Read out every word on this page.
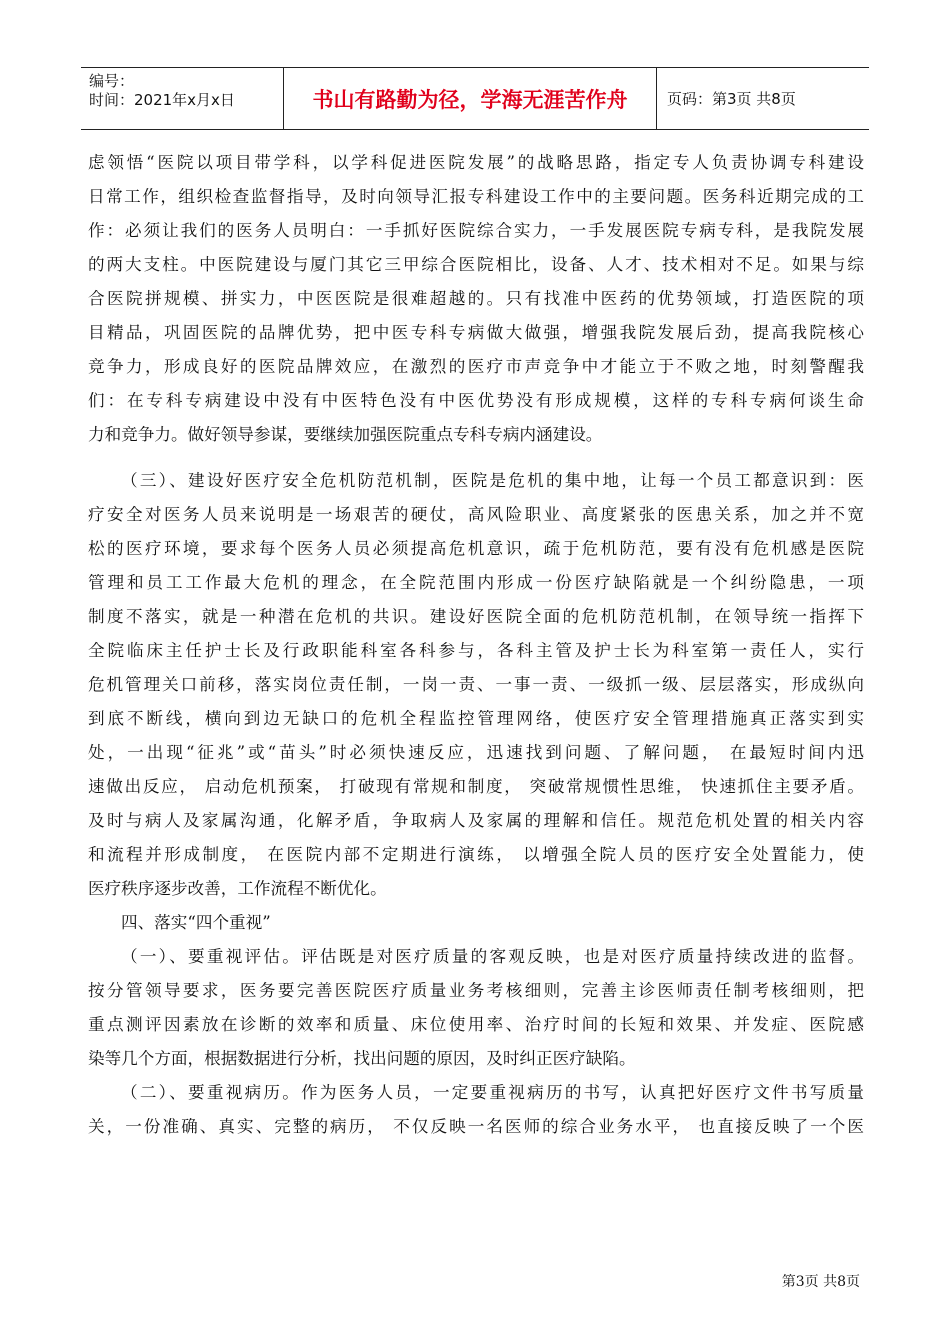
编号：
时间：2021年x月x日	书山有路勤为径，学海无涯苦作舟	页码：第3页 共8页

虑领悟“医院以项目带学科，以学科促进医院发展”的战略思路，指定专人负责协调专科建设
日常工作，组织检查监督指导，及时向领导汇报专科建设工作中的主要问题。医务科近期完成的工
作：必须让我们的医务人员明白：一手抓好医院综合实力，一手发展医院专病专科，是我院发展
的两大支柱。中医院建设与厦门其它三甲综合医院相比，设备、人才、技术相对不足。如果与综
合医院拼规模、拼实力，中医医院是很难超越的。只有找准中医药的优势领域，打造医院的项
目精品，巩固医院的品牌优势，把中医专科专病做大做强，增强我院发展后劲，提高我院核心
竞争力，形成良好的医院品牌效应，在激烈的医疗市声竞争中才能立于不败之地，时刻警醒我
们：在专科专病建设中没有中医特色没有中医优势没有形成规模，这样的专科专病何谈生命
力和竞争力。做好领导参谋，要继续加强医院重点专科专病内涵建设。

（三）、建设好医疗安全危机防范机制，医院是危机的集中地，让每一个员工都意识到：医
疗安全对医务人员来说明是一场艰苦的硬仗，高风险职业、高度紧张的医患关系，加之并不宽
松的医疗环境，要求每个医务人员必须提高危机意识，疏于危机防范，要有没有危机感是医院
管理和员工工作最大危机的理念，在全院范围内形成一份医疗缺陷就是一个纠纷隐患，一项
制度不落实，就是一种潜在危机的共识。建设好医院全面的危机防范机制，在领导统一指挥下
全院临床主任护士长及行政职能科室各科参与，各科主管及护士长为科室第一责任人，实行
危机管理关口前移，落实岗位责任制，一岗一责、一事一责、一级抓一级、层层落实，形成纵向
到底不断线，横向到边无缺口的危机全程监控管理网络，使医疗安全管理措施真正落实到实
处，一出现“征兆”或“苗头”时必须快速反应，迅速找到问题、了解问题， 在最短时间内迅
速做出反应， 启动危机预案， 打破现有常规和制度， 突破常规惯性思维， 快速抓住主要矛盾。
及时与病人及家属沟通，化解矛盾，争取病人及家属的理解和信任。规范危机处置的相关内容
和流程并形成制度， 在医院内部不定期进行演练， 以增强全院人员的医疗安全处置能力，使
医疗秩序逐步改善，工作流程不断优化。

四、落实“四个重视”

（一）、要重视评估。评估既是对医疗质量的客观反映，也是对医疗质量持续改进的监督。
按分管领导要求，医务要完善医院医疗质量业务考核细则，完善主诊医师责任制考核细则，把
重点测评因素放在诊断的效率和质量、床位使用率、治疗时间的长短和效果、并发症、医院感
染等几个方面，根据数据进行分析，找出问题的原因，及时纠正医疗缺陷。

（二）、要重视病历。作为医务人员，一定要重视病历的书写，认真把好医疗文件书写质量
关，一份准确、真实、完整的病历， 不仅反映一名医师的综合业务水平， 也直接反映了一个医

第3页 共8页
